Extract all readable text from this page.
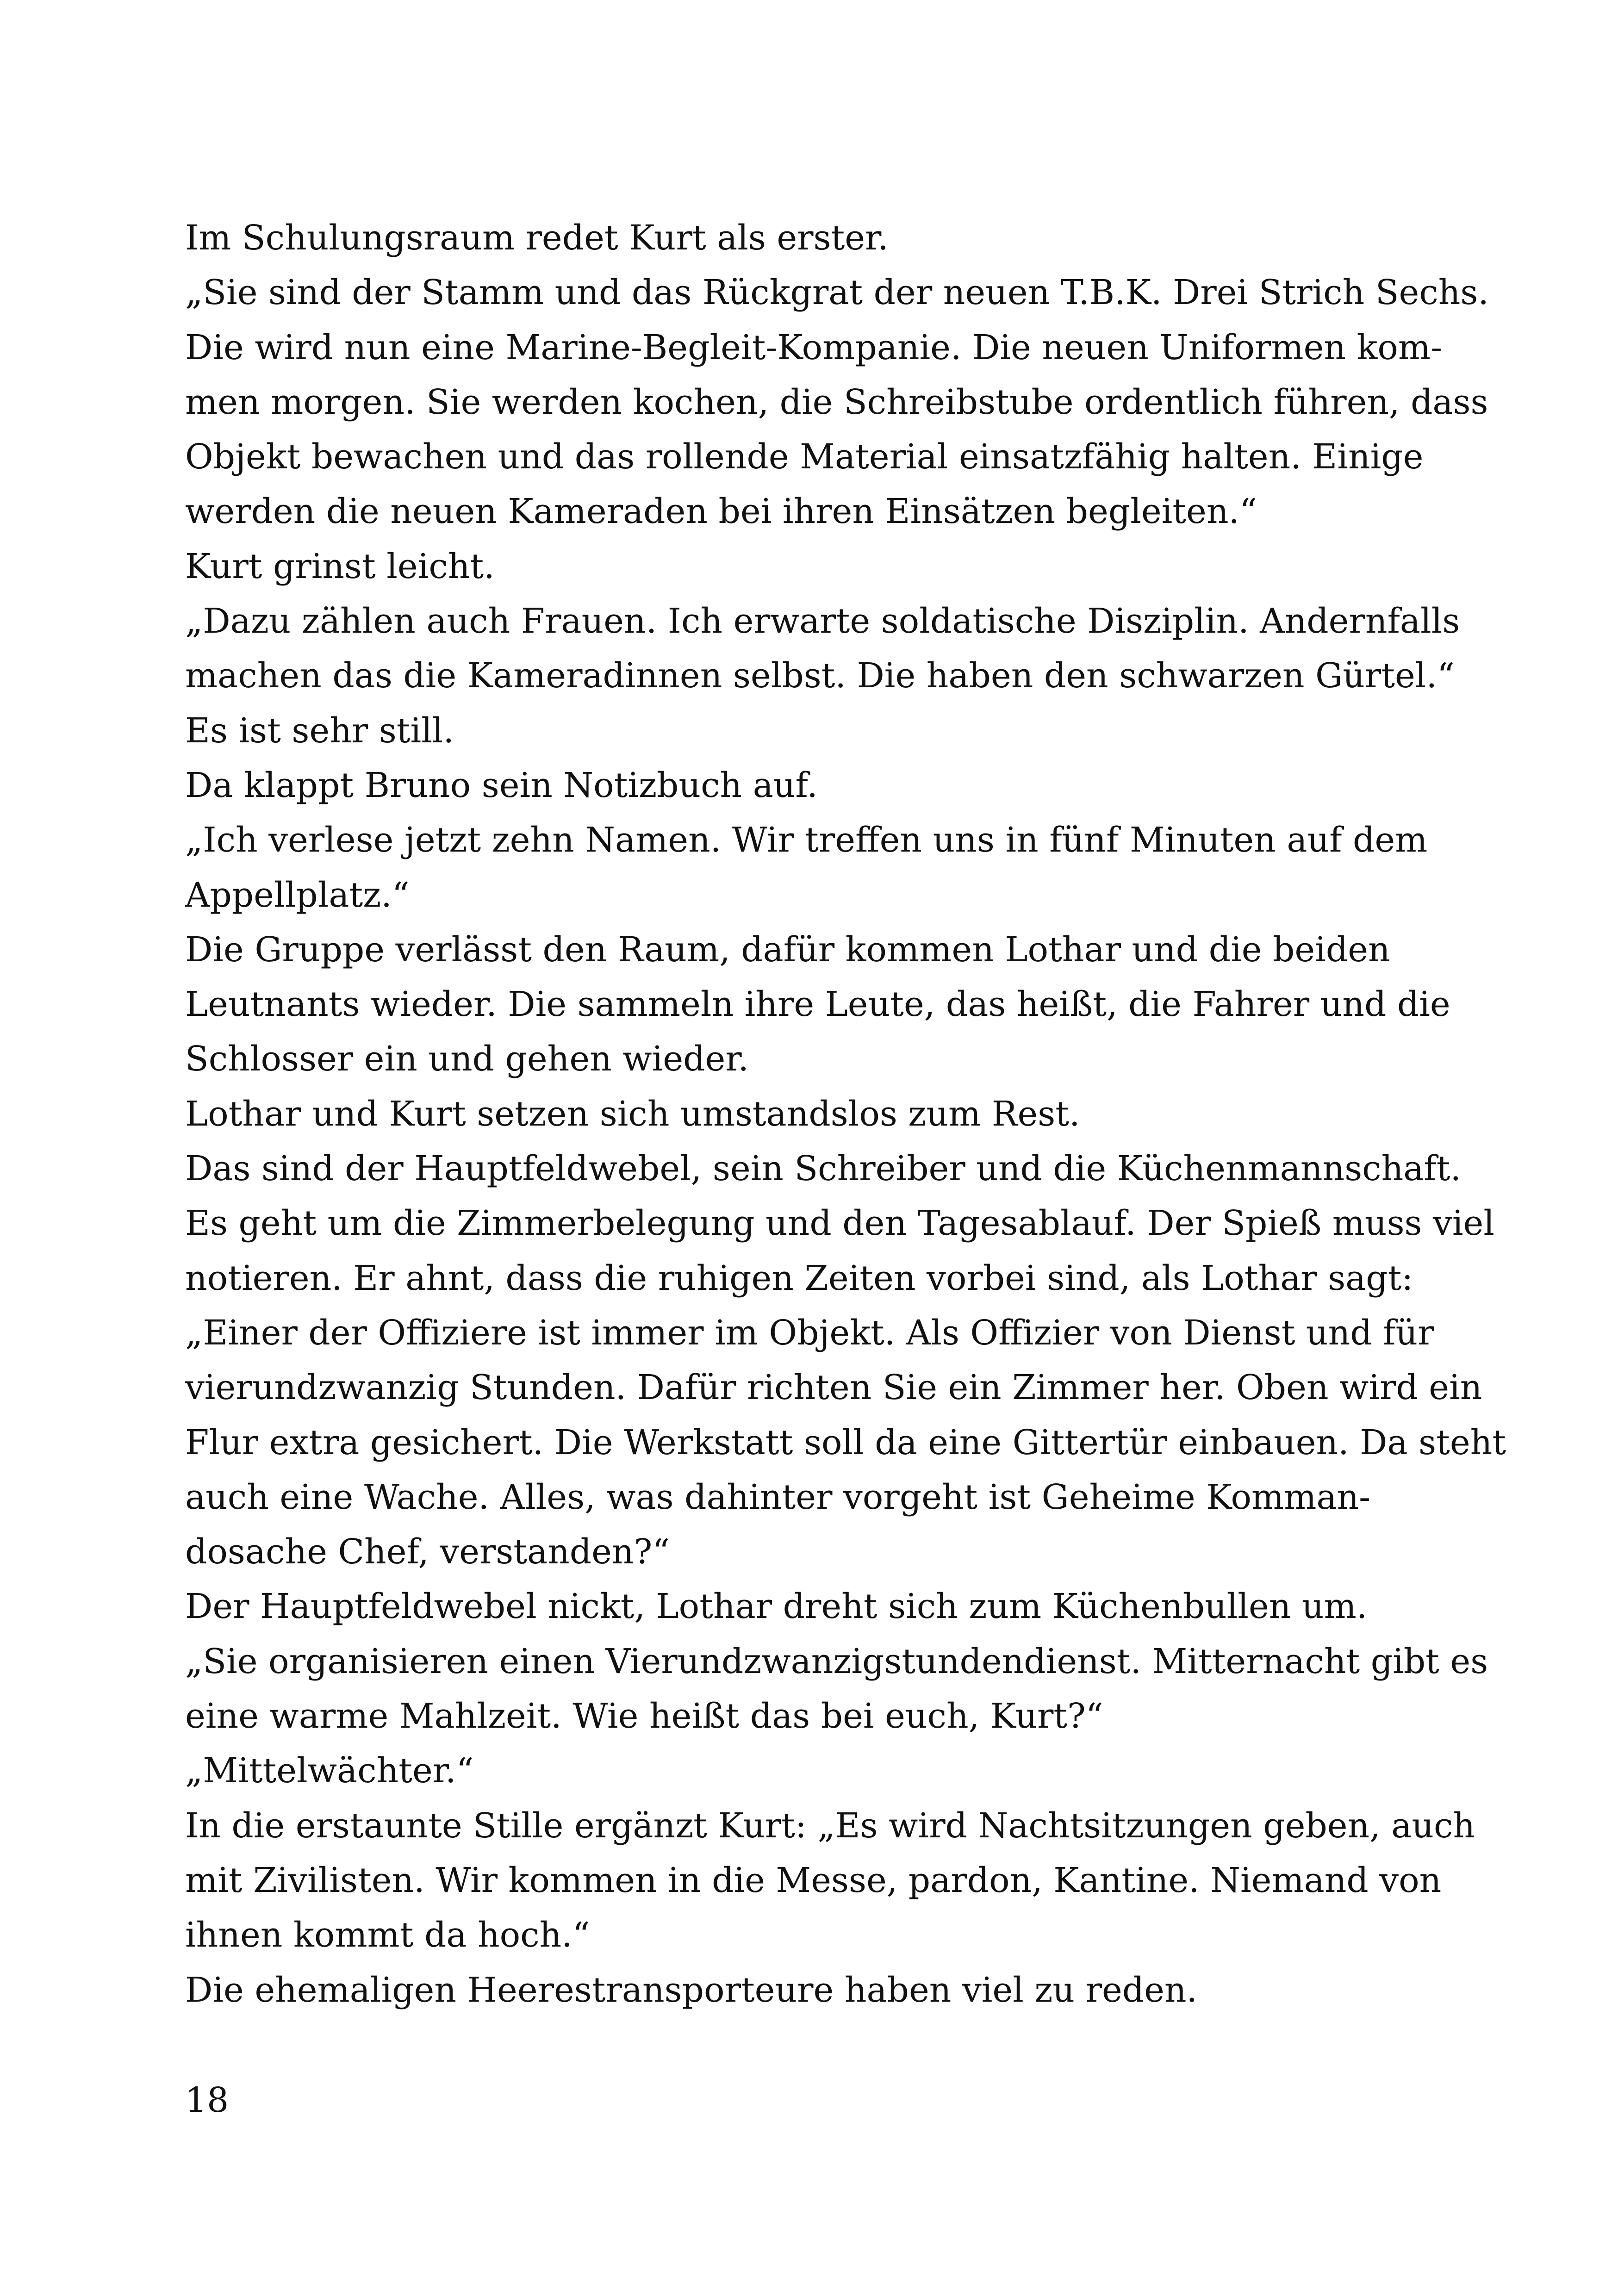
Im Schulungsraum redet Kurt als erster.
„Sie sind der Stamm und das Rückgrat der neuen T.B.K. Drei Strich Sechs.
Die wird nun eine Marine-Begleit-Kompanie. Die neuen Uniformen kom-
men morgen. Sie werden kochen, die Schreibstube ordentlich führen, dass
Objekt bewachen und das rollende Material einsatzfähig halten. Einige
werden die neuen Kameraden bei ihren Einsätzen begleiten.“
Kurt grinst leicht.
„Dazu zählen auch Frauen. Ich erwarte soldatische Disziplin. Andernfalls
machen das die Kameradinnen selbst. Die haben den schwarzen Gürtel.“
Es ist sehr still.
Da klappt Bruno sein Notizbuch auf.
„Ich verlese jetzt zehn Namen. Wir treffen uns in fünf Minuten auf dem
Appellplatz.“
Die Gruppe verlässt den Raum, dafür kommen Lothar und die beiden
Leutnants wieder. Die sammeln ihre Leute, das heißt, die Fahrer und die
Schlosser ein und gehen wieder.
Lothar und Kurt setzen sich umstandslos zum Rest.
Das sind der Hauptfeldwebel, sein Schreiber und die Küchenmannschaft.
Es geht um die Zimmerbelegung und den Tagesablauf. Der Spieß muss viel
notieren. Er ahnt, dass die ruhigen Zeiten vorbei sind, als Lothar sagt:
„Einer der Offiziere ist immer im Objekt. Als Offizier von Dienst und für
vierundzwanzig Stunden. Dafür richten Sie ein Zimmer her. Oben wird ein
Flur extra gesichert. Die Werkstatt soll da eine Gittertür einbauen. Da steht
auch eine Wache. Alles, was dahinter vorgeht ist Geheime Komman-
dosache Chef, verstanden?“
Der Hauptfeldwebel nickt, Lothar dreht sich zum Küchenbullen um.
„Sie organisieren einen Vierundzwanzigstundendienst. Mitternacht gibt es
eine warme Mahlzeit. Wie heißt das bei euch, Kurt?“
„Mittelwächter.“
In die erstaunte Stille ergänzt Kurt: „Es wird Nachtsitzungen geben, auch
mit Zivilisten. Wir kommen in die Messe, pardon, Kantine. Niemand von
ihnen kommt da hoch.“
Die ehemaligen Heerestransporteure haben viel zu reden.
18
